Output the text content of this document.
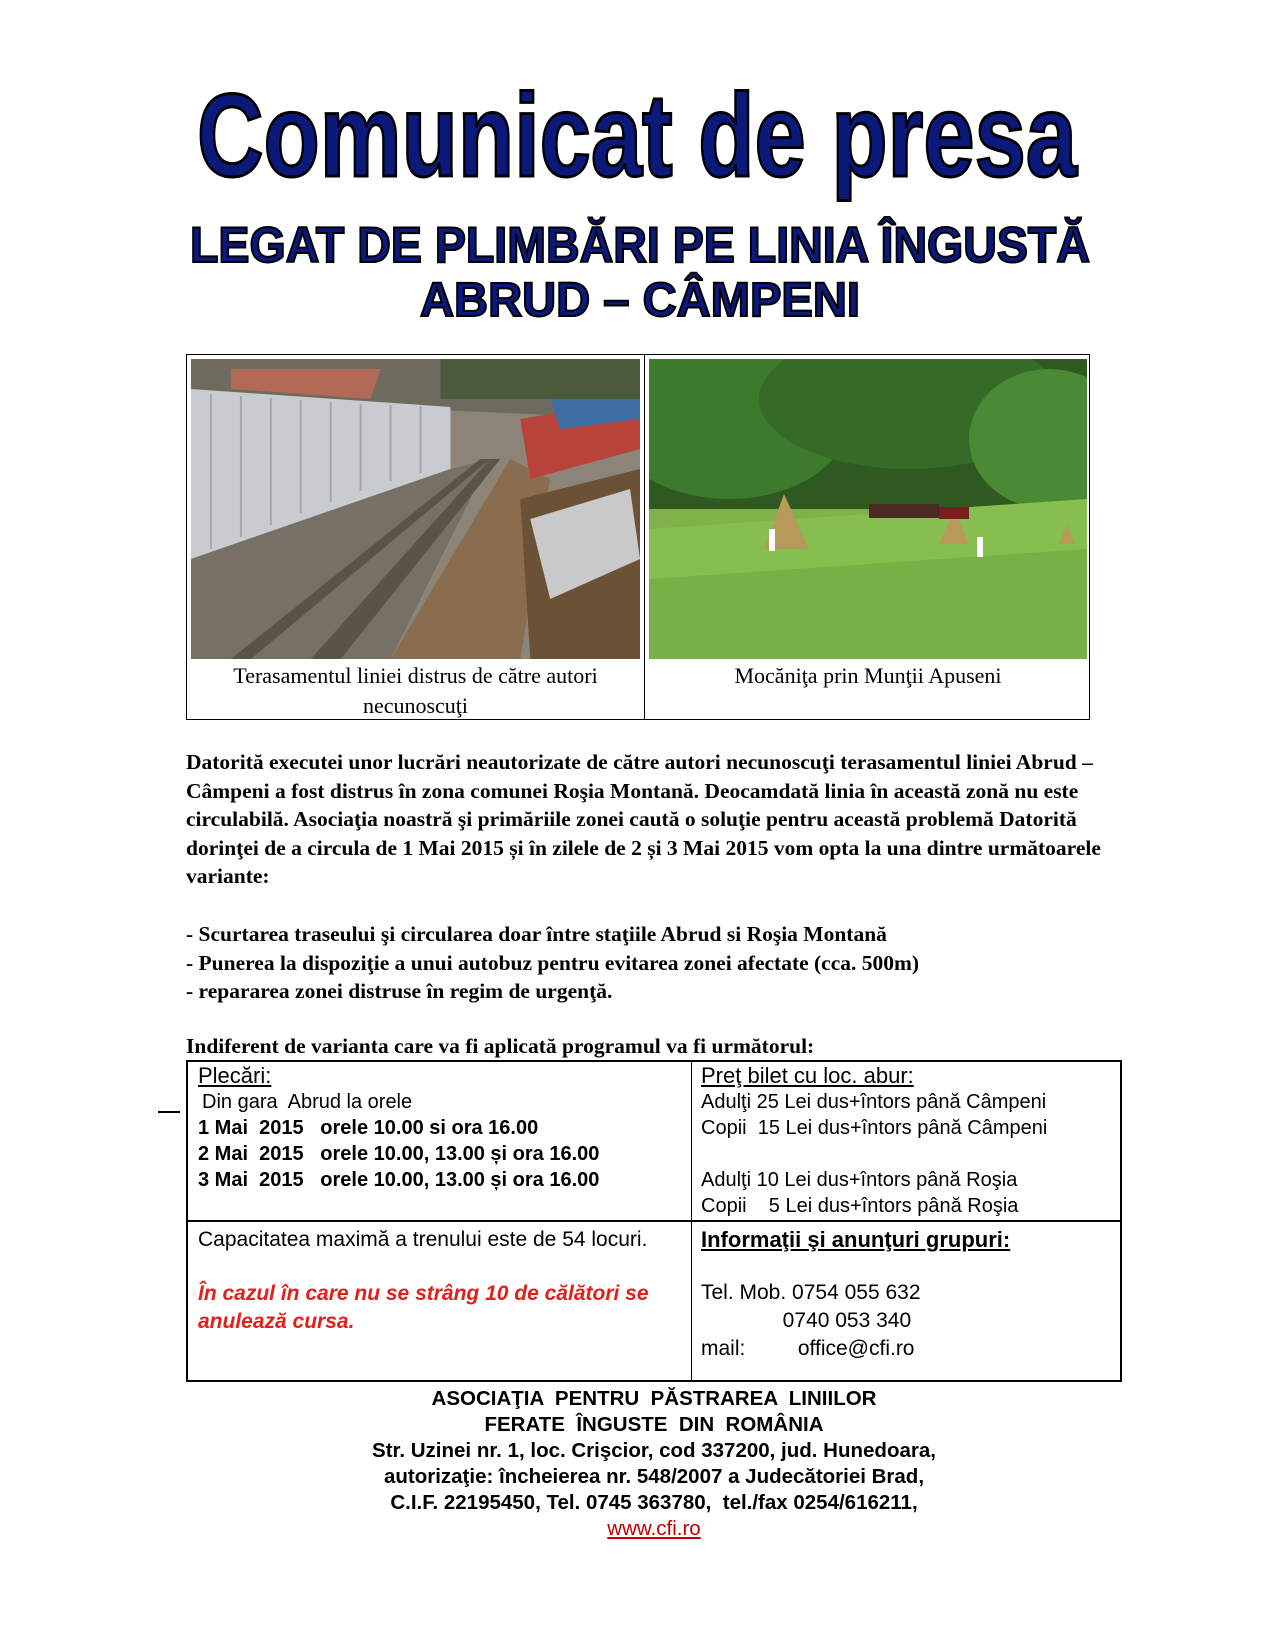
Comunicat de presa
LEGAT DE PLIMBĂRI PE LINIA ÎNGUSTĂ
ABRUD – CÂMPENI
Terasamentul liniei distrus de către autori necunoscuţi
Mocăniţa prin Munţii Apuseni
Datorită executei unor lucrări neautorizate de către autori necunoscuţi terasamentul liniei Abrud – Câmpeni a fost distrus în zona comunei Roşia Montană. Deocamdată linia în această zonă nu este circulabilă. Asociaţia noastră şi primăriile zonei caută o soluţie pentru această problemă Datorită dorinţei de a circula de 1 Mai 2015 și în zilele de 2 și 3 Mai 2015 vom opta la una dintre următoarele variante:
- Scurtarea traseului şi circularea doar între staţiile Abrud si Roşia Montană
- Punerea la dispoziţie a unui autobuz pentru evitarea zonei afectate (cca. 500m)
- repararea zonei distruse în regim de urgenţă.
Indiferent de varianta care va fi aplicată programul va fi următorul:
Plecări:
Din gara  Abrud la orele
1 Mai  2015   orele 10.00 si ora 16.00
2 Mai  2015   orele 10.00, 13.00 și ora 16.00
3 Mai  2015   orele 10.00, 13.00 și ora 16.00
Preţ bilet cu loc. abur:
Adulţi 25 Lei dus+întors până Câmpeni
Copii  15 Lei dus+întors până Câmpeni
Adulţi 10 Lei dus+întors până Roşia
Copii    5 Lei dus+întors până Roşia
Capacitatea maximă a trenului este de 54 locuri.
În cazul în care nu se strâng 10 de călători se anulează cursa.
Informaţii şi anunţuri grupuri:
Tel. Mob. 0754 055 632
0740 053 340
mail:         office@cfi.ro
ASOCIAŢIA  PENTRU  PĂSTRAREA  LINIILOR
FERATE  ÎNGUSTE  DIN  ROMÂNIA
Str. Uzinei nr. 1, loc. Crişcior, cod 337200, jud. Hunedoara,
autorizaţie: încheierea nr. 548/2007 a Judecătoriei Brad,
C.I.F. 22195450, Tel. 0745 363780,  tel./fax 0254/616211,
www.cfi.ro
